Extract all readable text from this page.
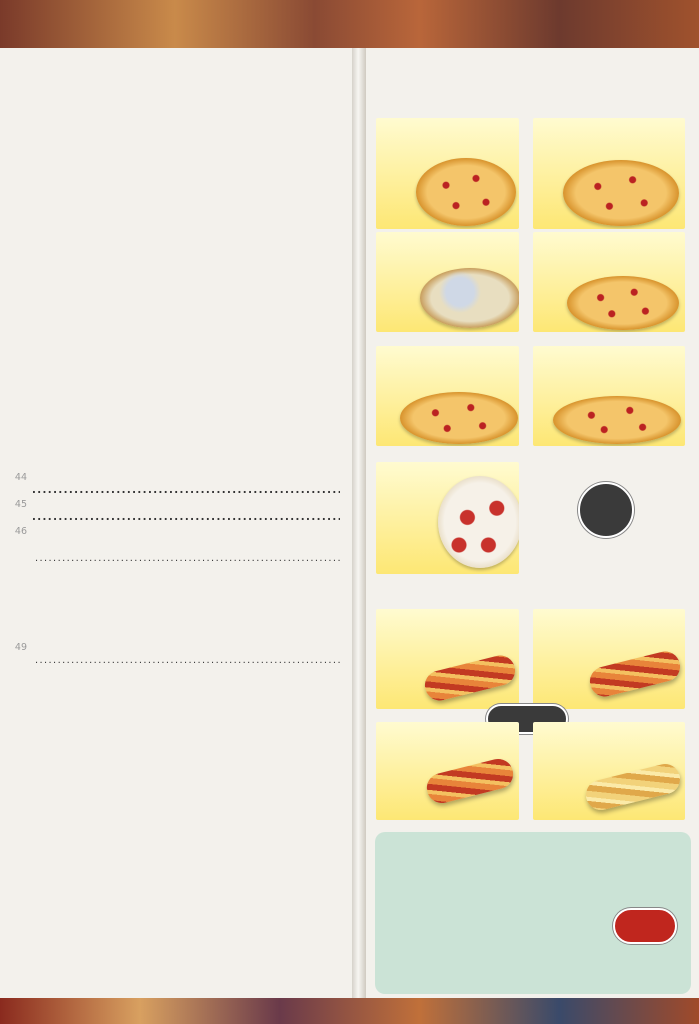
44
.....
45
.....
46
.....
49
.....
